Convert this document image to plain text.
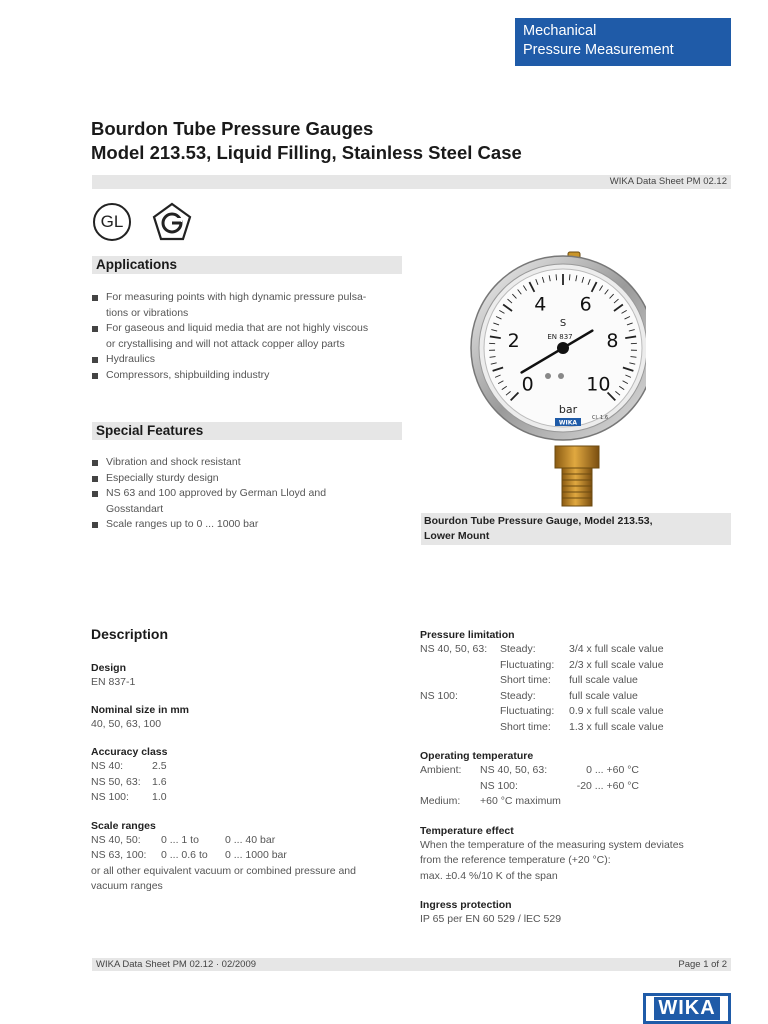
Mechanical
Pressure Measurement
Bourdon Tube Pressure Gauges
Model 213.53, Liquid Filling, Stainless Steel Case
WIKA Data Sheet PM 02.12
GL
Applications
For measuring points with high dynamic pressure pulsa-
tions or vibrations
For gaseous and liquid media that are not highly viscous
or crystallising and will not attack copper alloy parts
Hydraulics
Compressors, shipbuilding industry
Special Features
Vibration and shock resistant
Especially sturdy design
NS 63 and 100 approved by German Lloyd and
Gosstandart
Scale ranges up to 0 ... 1000 bar
0
2
4 6
8
10
S
EN 837
bar
Cl. 1.6
WIKA
Bourdon Tube Pressure Gauge, Model 213.53,
Lower Mount
Description
Design
EN 837-1
Nominal size in mm
40, 50, 63, 100
Accuracy class
NS 40:	2.5
NS 50, 63:	1.6
NS 100:	1.0
Scale ranges
NS 40, 50:	0 ... 1 to	0 ... 40 bar
NS 63, 100:	0 ... 0.6 to	0 ... 1000 bar
or all other equivalent vacuum or combined pressure and
vacuum ranges
Pressure limitation
NS 40, 50, 63:	Steady:	3/4 x full scale value
Fluctuating:	2/3 x full scale value
Short time:	full scale value
NS 100:	Steady:	full scale value
Fluctuating:	0.9 x full scale value
Short time:	1.3 x full scale value
Operating temperature
Ambient:	NS 40, 50, 63:	0 ... +60 °C
NS 100:	-20 ... +60 °C
Medium:	+60 °C maximum
Temperature effect
When the temperature of the measuring system deviates
from the reference temperature (+20 °C):
max. ±0.4 %/10 K of the span
Ingress protection
IP 65 per EN 60 529 / lEC 529
WIKA Data Sheet PM 02.12 · 02/2009	Page 1 of 2
WIKA
